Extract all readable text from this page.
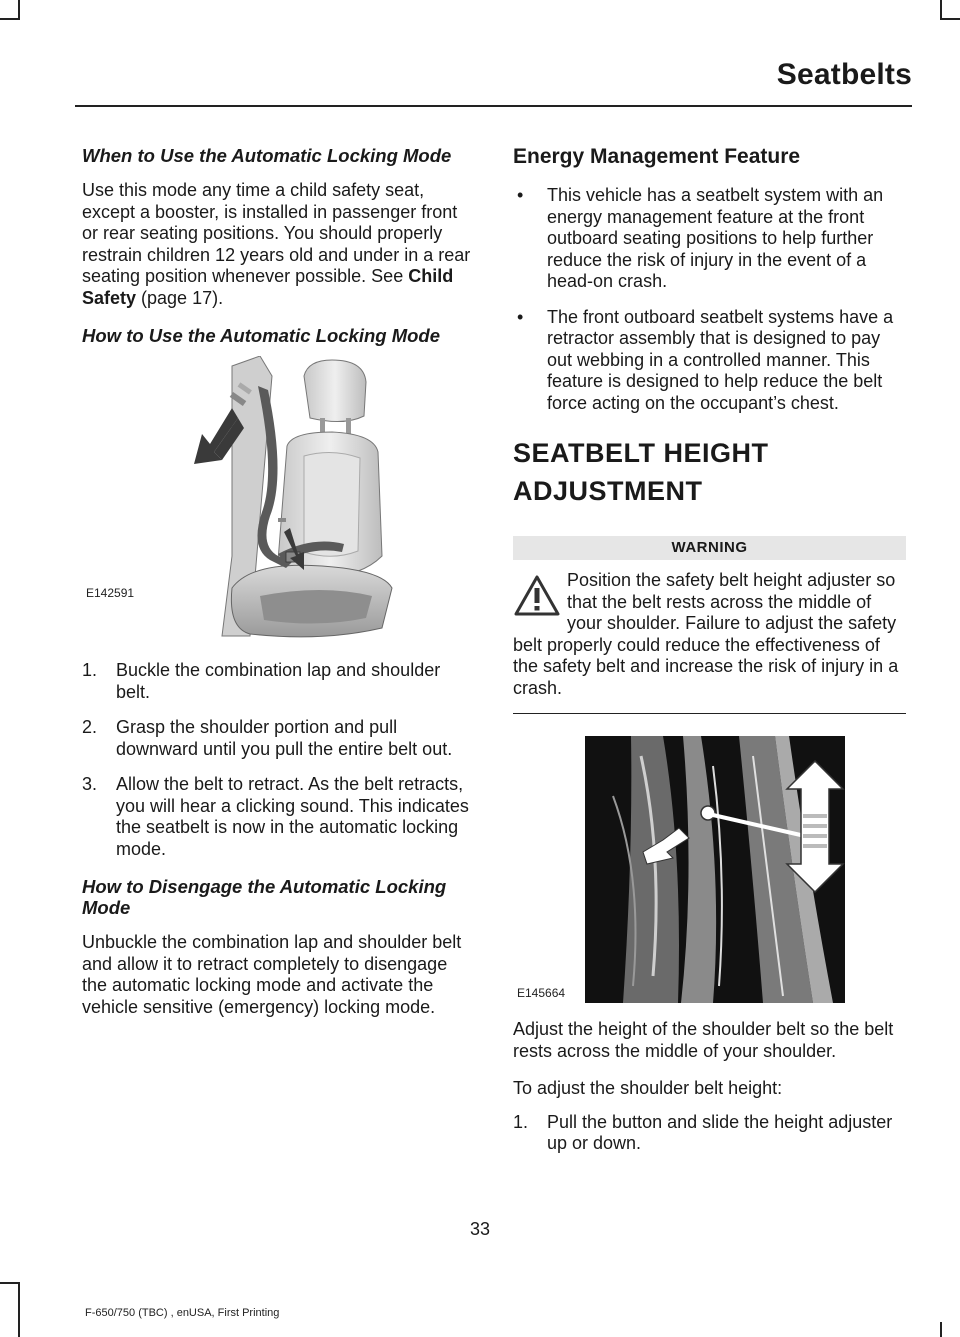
Seatbelts
When to Use the Automatic Locking Mode

Use this mode any time a child safety seat, except a booster, is installed in passenger front or rear seating positions. You should properly restrain children 12 years old and under in a rear seating position whenever possible. See Child Safety (page 17).

How to Use the Automatic Locking Mode
E142591
1. Buckle the combination lap and shoulder belt.
2. Grasp the shoulder portion and pull downward until you pull the entire belt out.
3. Allow the belt to retract. As the belt retracts, you will hear a clicking sound. This indicates the seatbelt is now in the automatic locking mode.
How to Disengage the Automatic Locking Mode

Unbuckle the combination lap and shoulder belt and allow it to retract completely to disengage the automatic locking mode and activate the vehicle sensitive (emergency) locking mode.

Energy Management Feature
• This vehicle has a seatbelt system with an energy management feature at the front outboard seating positions to help further reduce the risk of injury in the event of a head-on crash.
• The front outboard seatbelt systems have a retractor assembly that is designed to pay out webbing in a controlled manner. This feature is designed to help reduce the belt force acting on the occupant’s chest.
SEATBELT HEIGHT
ADJUSTMENT
WARNING
Position the safety belt height adjuster so that the belt rests across the middle of your shoulder. Failure to adjust the safety belt properly could reduce the effectiveness of the safety belt and increase the risk of injury in a crash.
E145664

Adjust the height of the shoulder belt so the belt rests across the middle of your shoulder.

To adjust the shoulder belt height:

1. Pull the button and slide the height adjuster up or down.
33
F-650/750 (TBC) , enUSA, First Printing
